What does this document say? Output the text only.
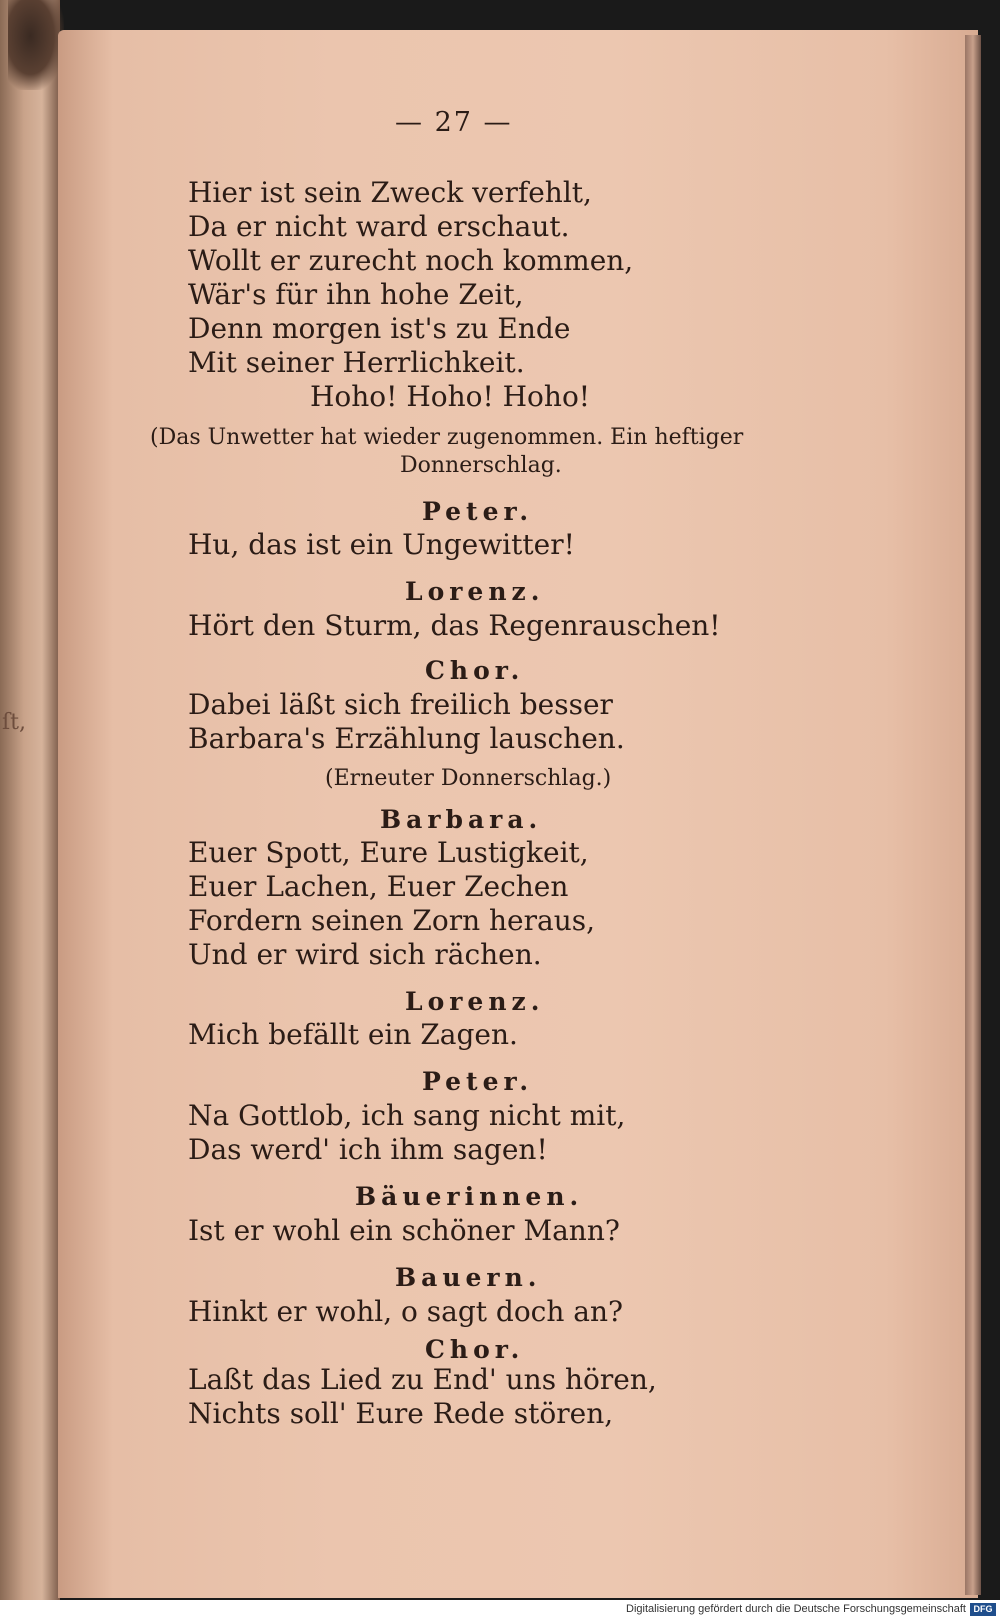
ſt,
— 27 —
Hier ist sein Zweck verfehlt,
Da er nicht ward erschaut.
Wollt er zurecht noch kommen,
Wär's für ihn hohe Zeit,
Denn morgen ist's zu Ende
Mit seiner Herrlichkeit.
Hoho! Hoho! Hoho!
(Das Unwetter hat wieder zugenommen. Ein heftiger
Donnerschlag.
Peter.
Hu, das ist ein Ungewitter!
Lorenz.
Hört den Sturm, das Regenrauschen!
Chor.
Dabei läßt sich freilich besser
Barbara's Erzählung lauschen.
(Erneuter Donnerschlag.)
Barbara.
Euer Spott, Eure Lustigkeit,
Euer Lachen, Euer Zechen
Fordern seinen Zorn heraus,
Und er wird sich rächen.
Lorenz.
Mich befällt ein Zagen.
Peter.
Na Gottlob, ich sang nicht mit,
Das werd' ich ihm sagen!
Bäuerinnen.
Ist er wohl ein schöner Mann?
Bauern.
Hinkt er wohl, o sagt doch an?
Chor.
Laßt das Lied zu End' uns hören,
Nichts soll' Eure Rede stören,
Digitalisierung gefördert durch die Deutsche Forschungsgemeinschaft DFG
